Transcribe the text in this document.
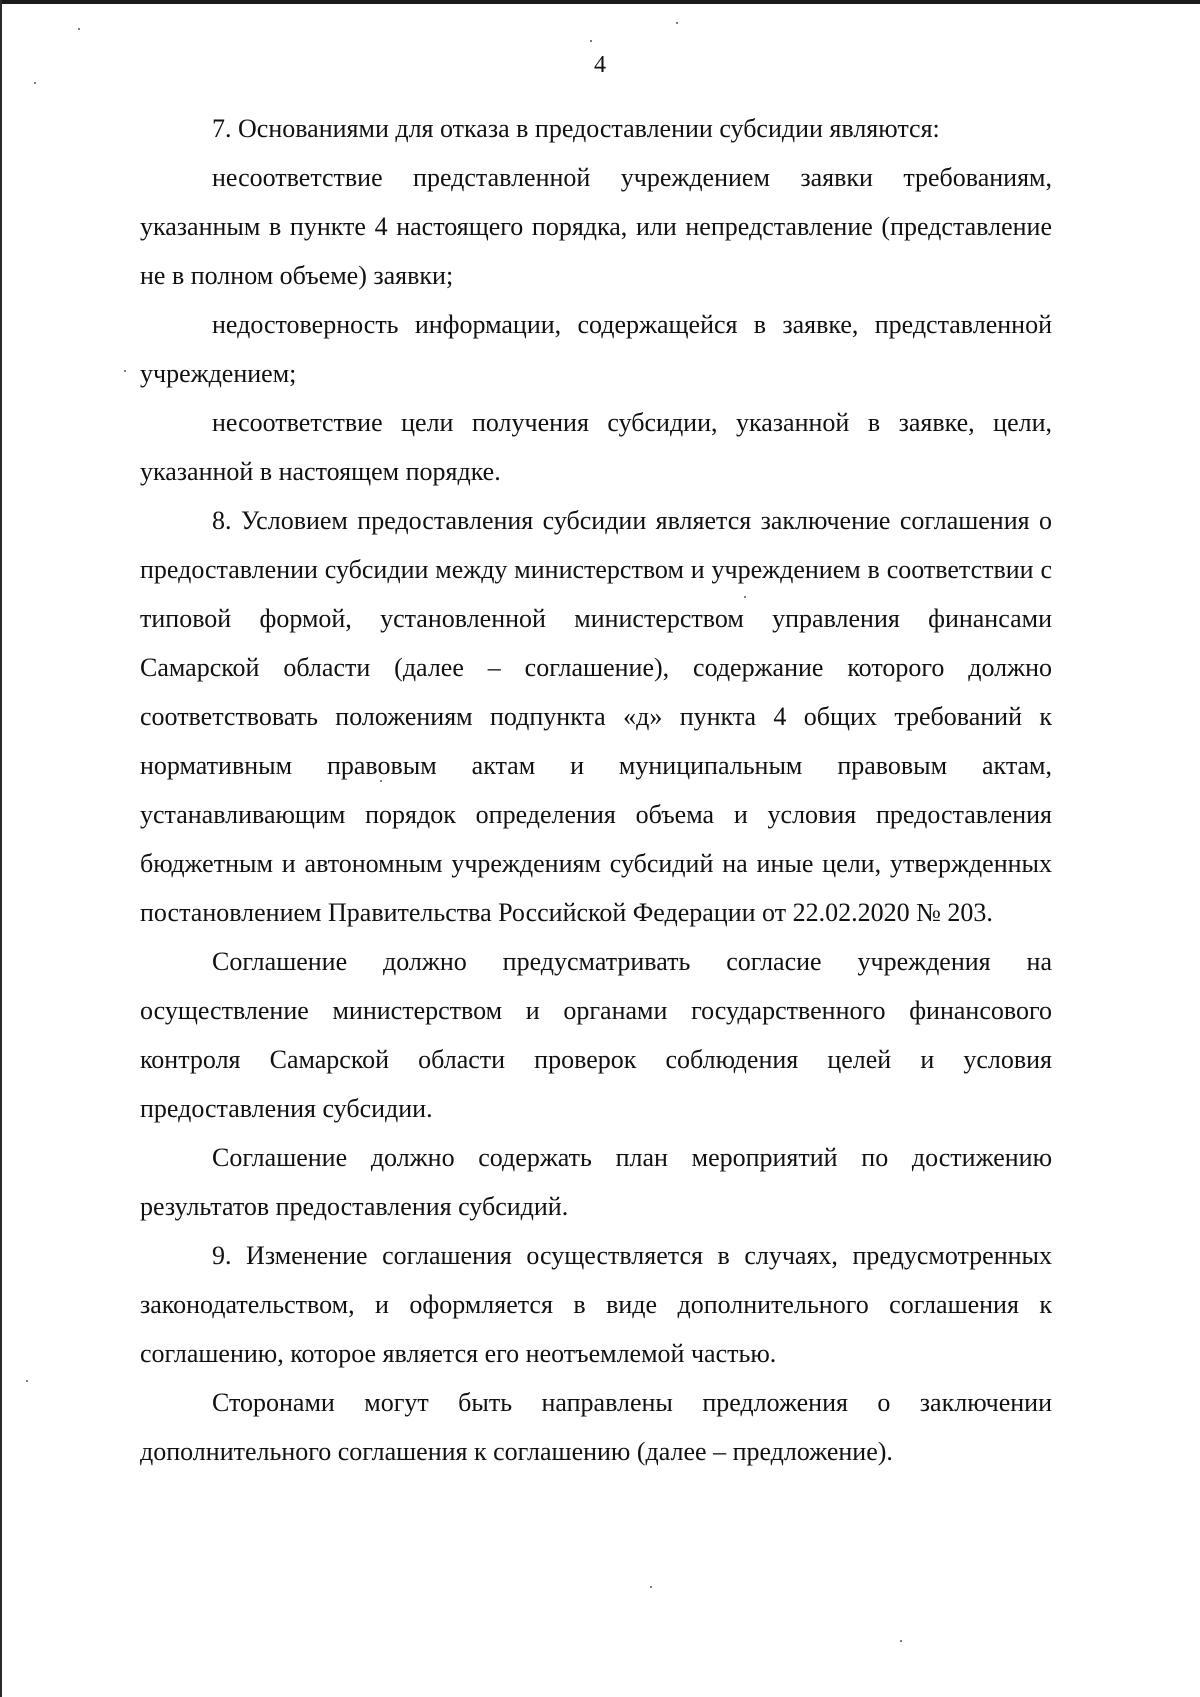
4

7. Основаниями для отказа в предоставлении субсидии являются:

несоответствие представленной учреждением заявки требованиям, указанным в пункте 4 настоящего порядка, или непредставление (представление не в полном объеме) заявки;

недостоверность информации, содержащейся в заявке, представленной учреждением;

несоответствие цели получения субсидии, указанной в заявке, цели, указанной в настоящем порядке.

8. Условием предоставления субсидии является заключение соглашения о предоставлении субсидии между министерством и учреждением в соответствии с типовой формой, установленной министерством управления финансами Самарской области (далее – соглашение), содержание которого должно соответствовать положениям подпункта «д» пункта 4 общих требований к нормативным правовым актам и муниципальным правовым актам, устанавливающим порядок определения объема и условия предоставления бюджетным и автономным учреждениям субсидий на иные цели, утвержденных постановлением Правительства Российской Федерации от 22.02.2020 № 203.

Соглашение должно предусматривать согласие учреждения на осуществление министерством и органами государственного финансового контроля Самарской области проверок соблюдения целей и условия предоставления субсидии.

Соглашение должно содержать план мероприятий по достижению результатов предоставления субсидий.

9. Изменение соглашения осуществляется в случаях, предусмотренных законодательством, и оформляется в виде дополнительного соглашения к соглашению, которое является его неотъемлемой частью.

Сторонами могут быть направлены предложения о заключении дополнительного соглашения к соглашению (далее – предложение).
